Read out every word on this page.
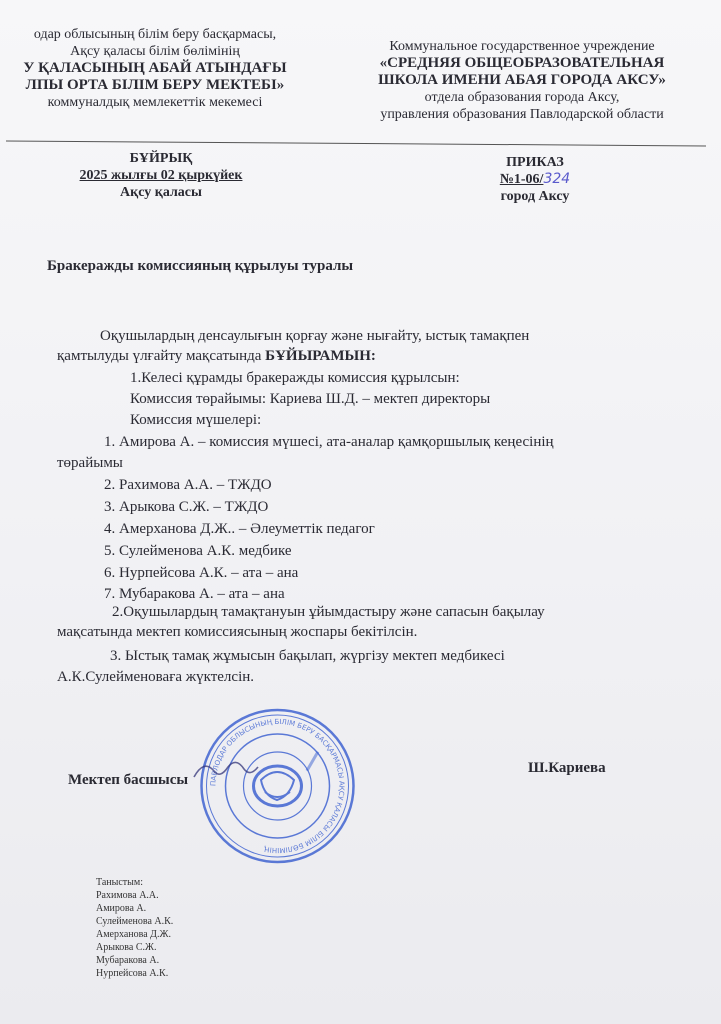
одар облысының білім беру басқармасы,
Ақсу қаласы білім бөлімінің
У ҚАЛАСЫНЫҢ АБАЙ АТЫНДАҒЫ
ЛПЫ ОРТА БІЛІМ БЕРУ МЕКТЕБІ»
коммуналдық мемлекеттік мекемесі
Коммунальное государственное учреждение
«СРЕДНЯЯ ОБЩЕОБРАЗОВАТЕЛЬНАЯ
ШКОЛА ИМЕНИ АБАЯ ГОРОДА АКСУ»
отдела образования города Аксу,
управления образования Павлодарской области
БҰЙРЫҚ
2025 жылғы 02 қыркүйек
Ақсу қаласы
ПРИКАЗ
№1-06/324
город Аксу
Бракеражды комиссияның құрылуы туралы
Оқушылардың денсаулығын қорғау және нығайту, ыстық тамақпен
қамтылуды үлғайту мақсатында БҰЙЫРАМЫН:
1.Келесі құрамды бракеражды комиссия құрылсын:
Комиссия төрайымы: Кариева Ш.Д. – мектеп директоры
Комиссия мүшелері:
1. Амирова А. – комиссия мүшесі, ата-аналар қамқоршылық кеңесінің
төрайымы
2. Рахимова А.А. – ТЖДО
3. Арыкова С.Ж. – ТЖДО
4. Амерханова Д.Ж.. – Әлеуметтік педагог
5. Сулейменова А.К. медбике
6. Нурпейсова А.К. – ата – ана
7. Мубаракова А. – ата – ана
2.Оқушылардың тамақтануын ұйымдастыру және сапасын бақылау
мақсатында мектеп комиссиясының жоспары бекітілсін.
3. Ыстық тамақ жұмысын бақылап, жүргізу мектеп медбикесі
А.К.Сулейменоваға жүктелсін.
Мектеп басшысы
Ш.Кариева
ПАВЛОДАР ОБЛЫСЫНЫҢ БІЛІМ БЕРУ БАСҚАРМАСЫ АҚСУ ҚАЛАСЫ БІЛІМ БӨЛІМІНІҢ
Таныстым:
Рахимова А.А.
Амирова А.
Сулейменова А.К.
Амерханова Д.Ж.
Арыкова С.Ж.
Мубаракова А.
Нурпейсова А.К.
